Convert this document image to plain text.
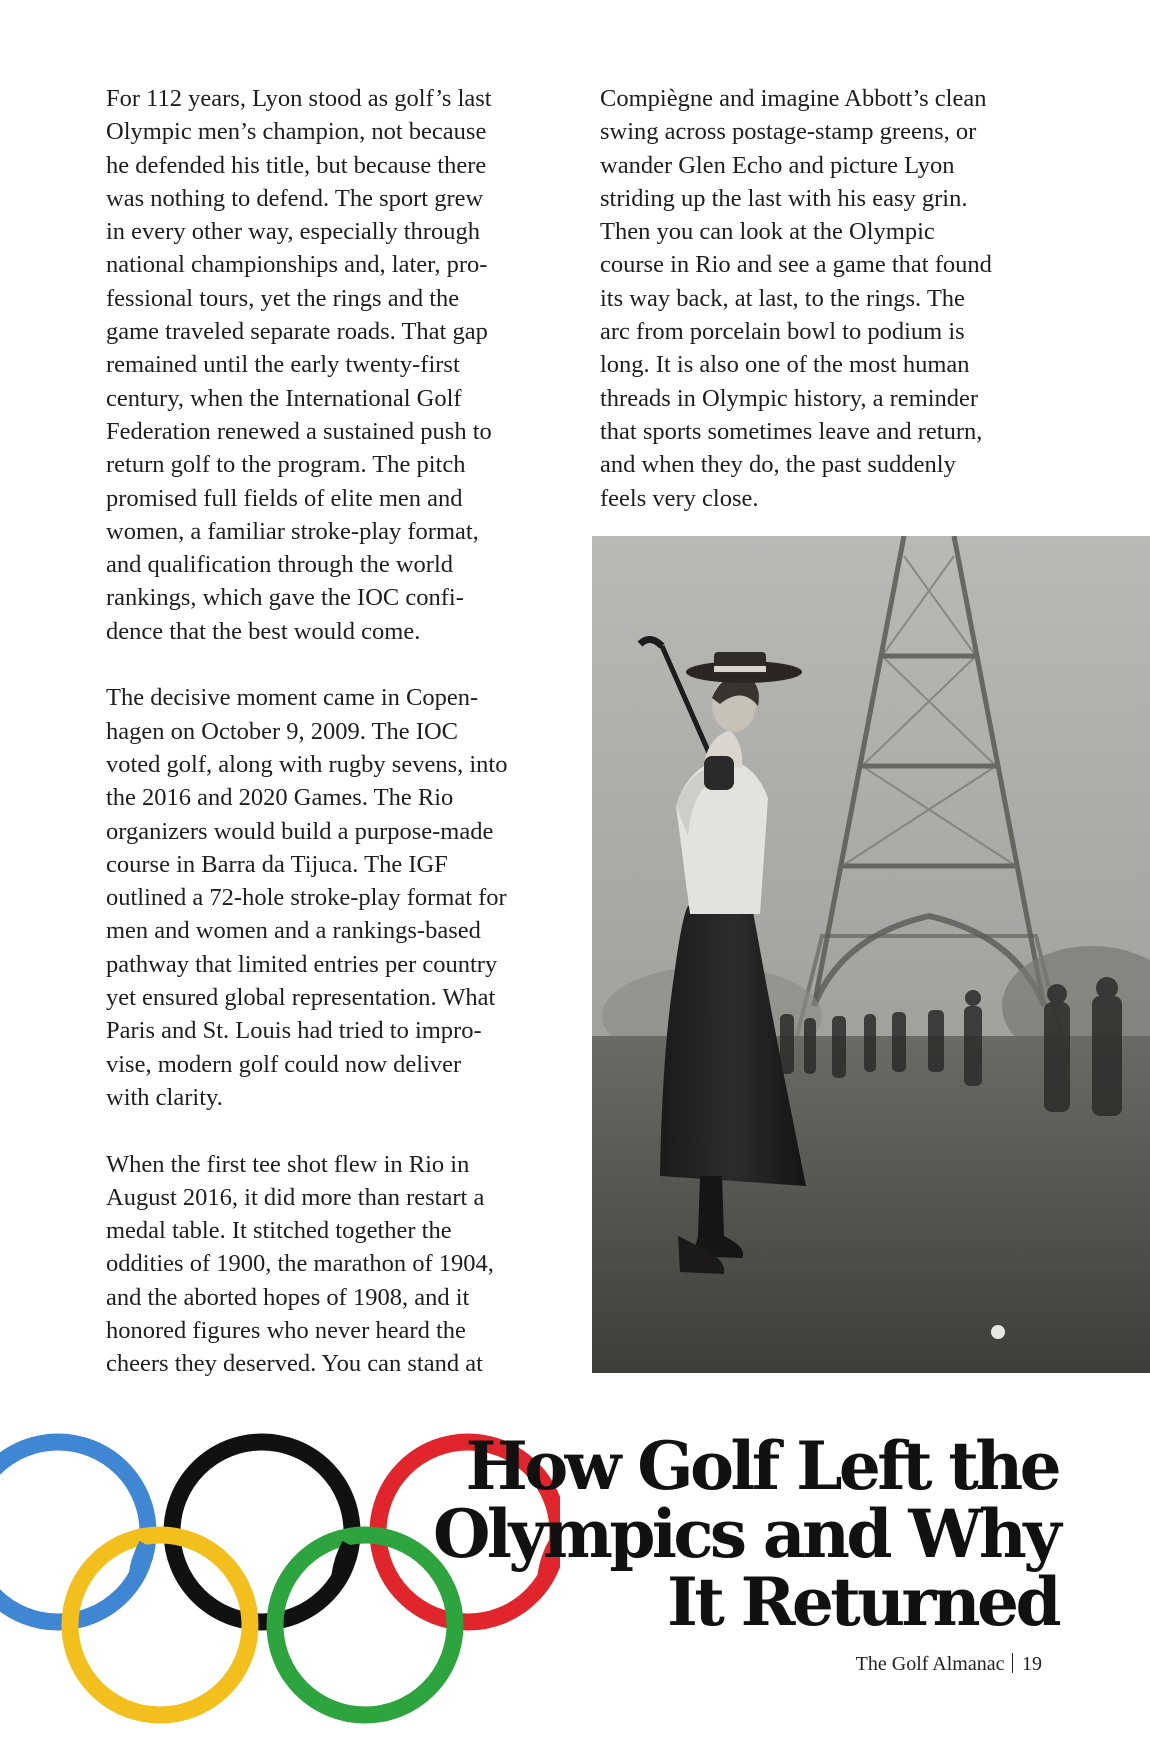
For 112 years, Lyon stood as golf’s last
Olympic men’s champion, not because
he defended his title, but because there
was nothing to defend. The sport grew
in every other way, especially through
national championships and, later, pro-
fessional tours, yet the rings and the
game traveled separate roads. That gap
remained until the early twenty-first
century, when the International Golf
Federation renewed a sustained push to
return golf to the program. The pitch
promised full fields of elite men and
women, a familiar stroke-play format,
and qualification through the world
rankings, which gave the IOC confi-
dence that the best would come.

The decisive moment came in Copen-
hagen on October 9, 2009. The IOC
voted golf, along with rugby sevens, into
the 2016 and 2020 Games. The Rio
organizers would build a purpose-made
course in Barra da Tijuca. The IGF
outlined a 72-hole stroke-play format for
men and women and a rankings-based
pathway that limited entries per country
yet ensured global representation. What
Paris and St. Louis had tried to impro-
vise, modern golf could now deliver
with clarity.

When the first tee shot flew in Rio in
August 2016, it did more than restart a
medal table. It stitched together the
oddities of 1900, the marathon of 1904,
and the aborted hopes of 1908, and it
honored figures who never heard the
cheers they deserved. You can stand at

Compiègne and imagine Abbott’s clean
swing across postage-stamp greens, or
wander Glen Echo and picture Lyon
striding up the last with his easy grin.
Then you can look at the Olympic
course in Rio and see a game that found
its way back, at last, to the rings. The
arc from porcelain bowl to podium is
long. It is also one of the most human
threads in Olympic history, a reminder
that sports sometimes leave and return,
and when they do, the past suddenly
feels very close.

How Golf Left the
Olympics and Why
It Returned
The Golf Almanac 19
